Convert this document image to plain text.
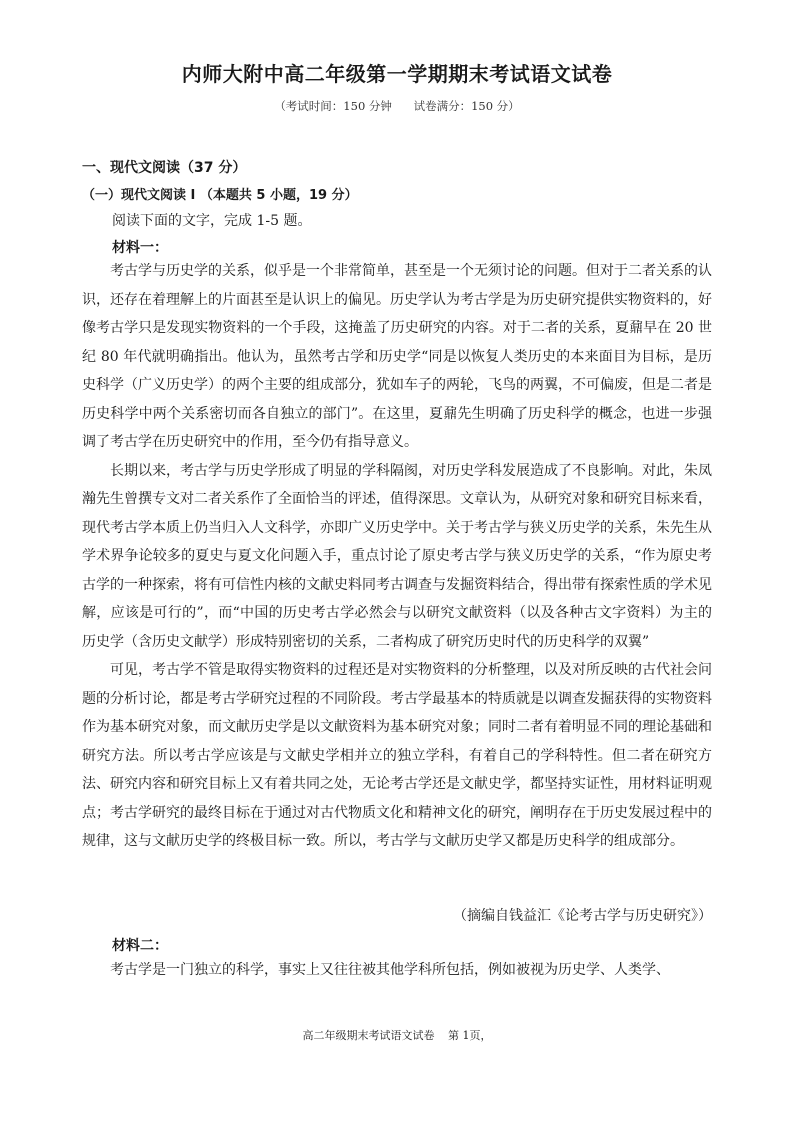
内师大附中高二年级第一学期期末考试语文试卷
（考试时间：150 分钟 试卷满分：150 分）
一、现代文阅读（37 分）
（一）现代文阅读 I （本题共 5 小题，19 分）
阅读下面的文字，完成 1-5 题。
材料一：

考古学与历史学的关系，似乎是一个非常简单，甚至是一个无须讨论的问题。但对于二者关系的认识，还存在着理解上的片面甚至是认识上的偏见。历史学认为考古学是为历史研究提供实物资料的，好像考古学只是发现实物资料的一个手段，这掩盖了历史研究的内容。对于二者的关系，夏鼐早在 20 世纪 80 年代就明确指出。他认为，虽然考古学和历史学“同是以恢复人类历史的本来面目为目标，是历史科学（广义历史学）的两个主要的组成部分，犹如车子的两轮，飞鸟的两翼，不可偏废，但是二者是历史科学中两个关系密切而各自独立的部门”。在这里，夏鼐先生明确了历史科学的概念，也进一步强调了考古学在历史研究中的作用，至今仍有指导意义。

长期以来，考古学与历史学形成了明显的学科隔阂，对历史学科发展造成了不良影响。对此，朱凤瀚先生曾撰专文对二者关系作了全面恰当的评述，值得深思。文章认为，从研究对象和研究目标来看，现代考古学本质上仍当归入人文科学，亦即广义历史学中。关于考古学与狭义历史学的关系，朱先生从学术界争论较多的夏史与夏文化问题入手，重点讨论了原史考古学与狭义历史学的关系，“作为原史考古学的一种探索，将有可信性内核的文献史料同考古调查与发掘资料结合，得出带有探索性质的学术见解，应该是可行的”，而“中国的历史考古学必然会与以研究文献资料（以及各种古文字资料）为主的历史学（含历史文献学）形成特别密切的关系，二者构成了研究历史时代的历史科学的双翼”

可见，考古学不管是取得实物资料的过程还是对实物资料的分析整理，以及对所反映的古代社会问题的分析讨论，都是考古学研究过程的不同阶段。考古学最基本的特质就是以调查发掘获得的实物资料作为基本研究对象，而文献历史学是以文献资料为基本研究对象；同时二者有着明显不同的理论基础和研究方法。所以考古学应该是与文献史学相并立的独立学科，有着自己的学科特性。但二者在研究方法、研究内容和研究目标上又有着共同之处，无论考古学还是文献史学，都坚持实证性，用材料证明观点；考古学研究的最终目标在于通过对古代物质文化和精神文化的研究，阐明存在于历史发展过程中的规律，这与文献历史学的终极目标一致。所以，考古学与文献历史学又都是历史科学的组成部分。

（摘编自钱益汇《论考古学与历史研究》）
材料二：
考古学是一门独立的科学，事实上又往往被其他学科所包括，例如被视为历史学、人类学、
高二年级期末考试语文试卷 第 1页，
